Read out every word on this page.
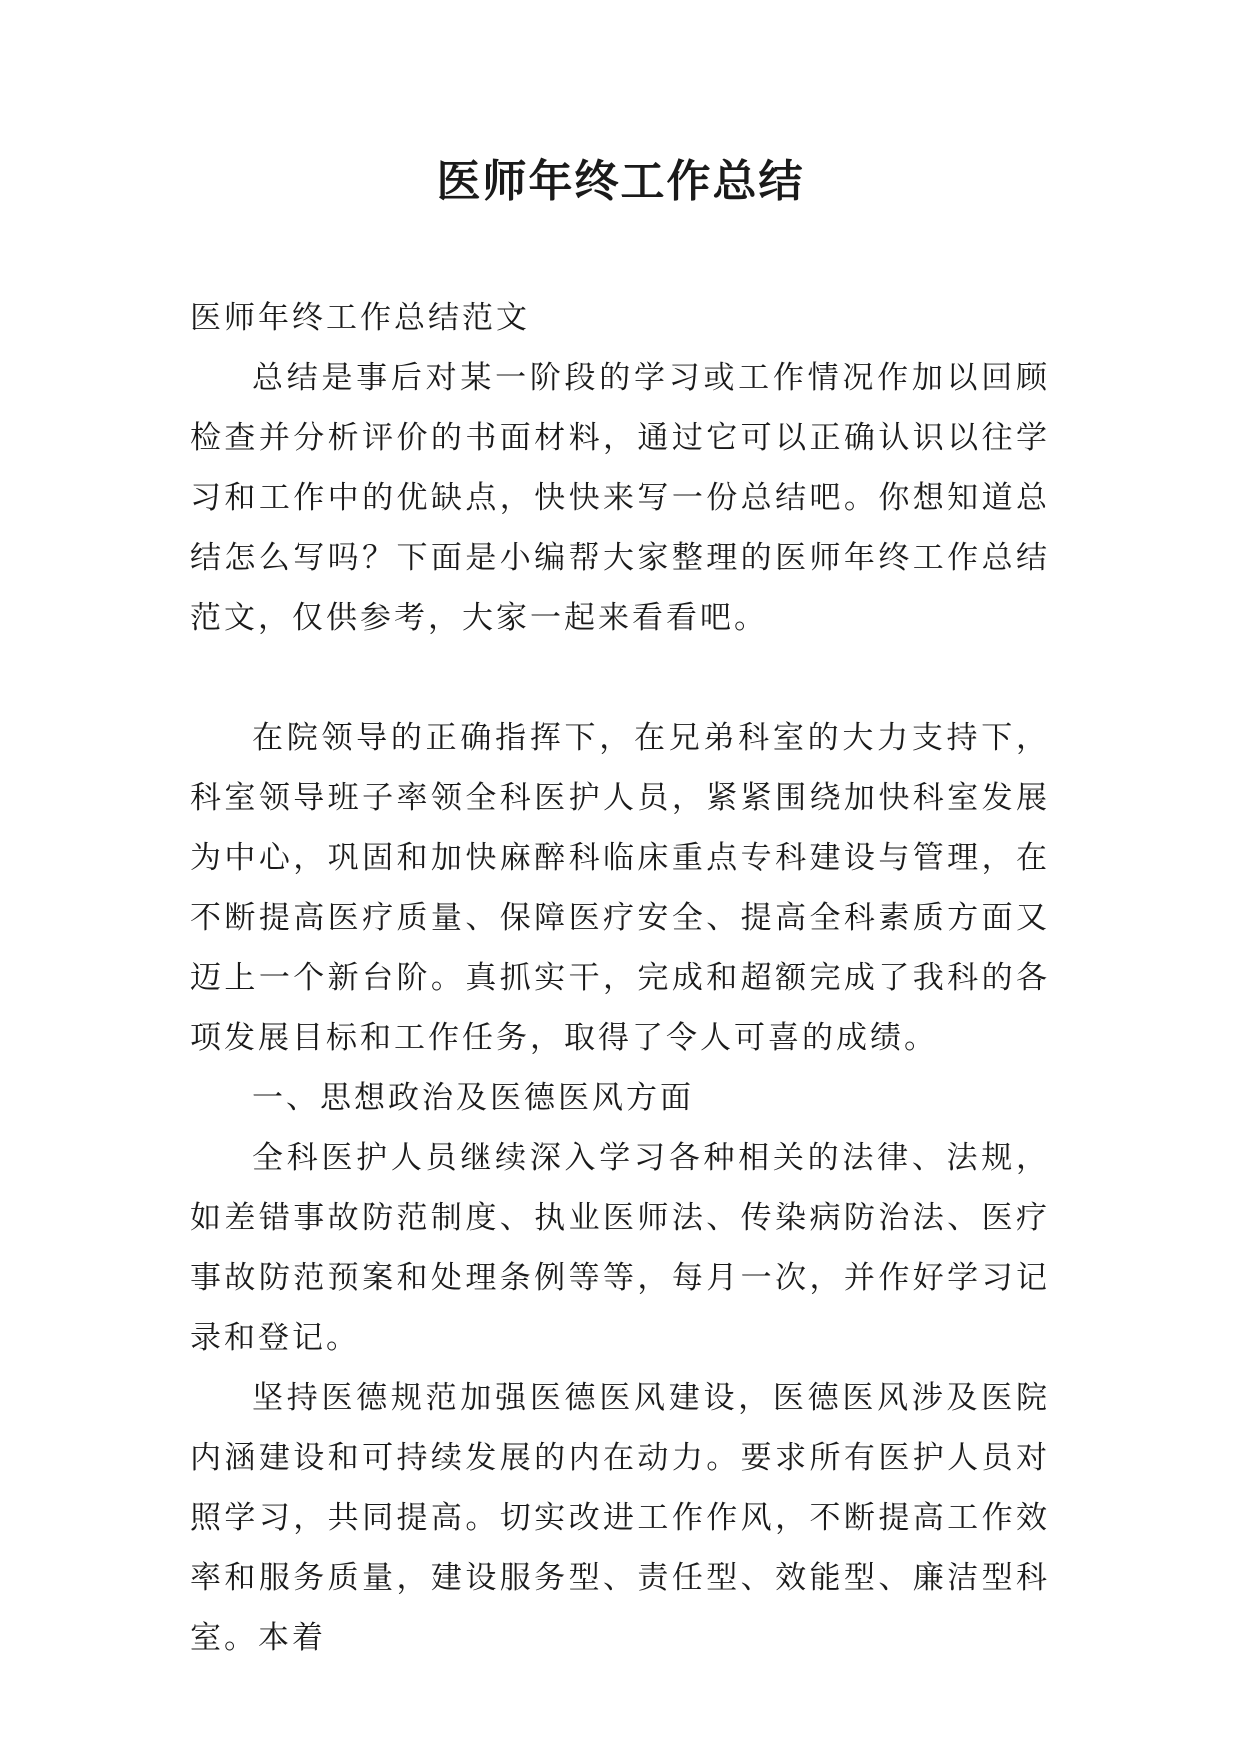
医师年终工作总结

医师年终工作总结范文

总结是事后对某一阶段的学习或工作情况作加以回顾检查并分析评价的书面材料，通过它可以正确认识以往学习和工作中的优缺点，快快来写一份总结吧。你想知道总结怎么写吗？下面是小编帮大家整理的医师年终工作总结范文，仅供参考，大家一起来看看吧。

在院领导的正确指挥下，在兄弟科室的大力支持下，科室领导班子率领全科医护人员，紧紧围绕加快科室发展为中心，巩固和加快麻醉科临床重点专科建设与管理，在不断提高医疗质量、保障医疗安全、提高全科素质方面又迈上一个新台阶。真抓实干，完成和超额完成了我科的各项发展目标和工作任务，取得了令人可喜的成绩。

一、思想政治及医德医风方面

全科医护人员继续深入学习各种相关的法律、法规，如差错事故防范制度、执业医师法、传染病防治法、医疗事故防范预案和处理条例等等，每月一次，并作好学习记录和登记。

坚持医德规范加强医德医风建设，医德医风涉及医院内涵建设和可持续发展的内在动力。要求所有医护人员对照学习，共同提高。切实改进工作作风，不断提高工作效率和服务质量，建设服务型、责任型、效能型、廉洁型科室。本着
